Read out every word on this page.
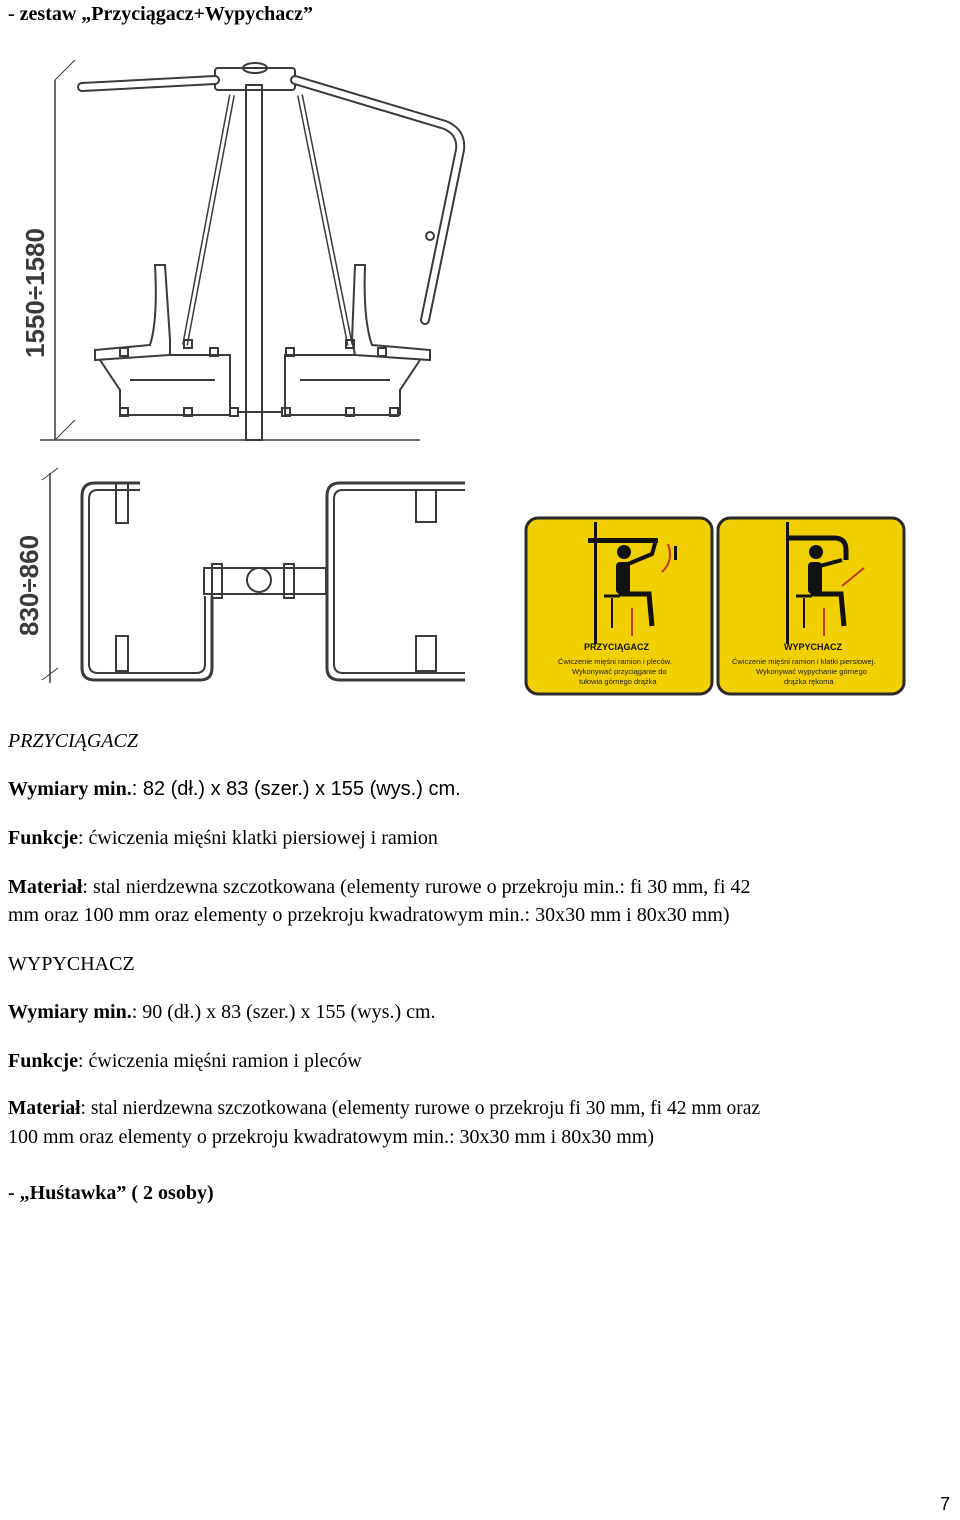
- zestaw „Przyciągacz+Wypychacz”
1550÷1580
830÷860
PRZYCIĄGACZ
Ćwiczenie mięśni ramion i pleców.
Wykonywać przyciąganie do
tułowia górnego drążka
WYPYCHACZ
Ćwiczenie mięśni ramion i klatki piersiowej.
Wykonywać wypychanie górnego
drążka rękoma
PRZYCIĄGACZ
Wymiary min.: 82 (dł.) x 83 (szer.) x 155 (wys.) cm.
Funkcje: ćwiczenia mięśni klatki piersiowej i ramion
Materiał: stal nierdzewna szczotkowana (elementy rurowe o przekroju min.: fi 30 mm, fi 42
mm oraz 100 mm oraz elementy o przekroju kwadratowym min.: 30x30 mm i 80x30 mm)
WYPYCHACZ
Wymiary min.: 90 (dł.) x 83 (szer.) x 155 (wys.) cm.
Funkcje: ćwiczenia mięśni ramion i pleców
Materiał: stal nierdzewna szczotkowana (elementy rurowe o przekroju fi 30 mm, fi 42 mm oraz
100 mm oraz elementy o przekroju kwadratowym min.: 30x30 mm i 80x30 mm)
- „Huśtawka” ( 2 osoby)
7
